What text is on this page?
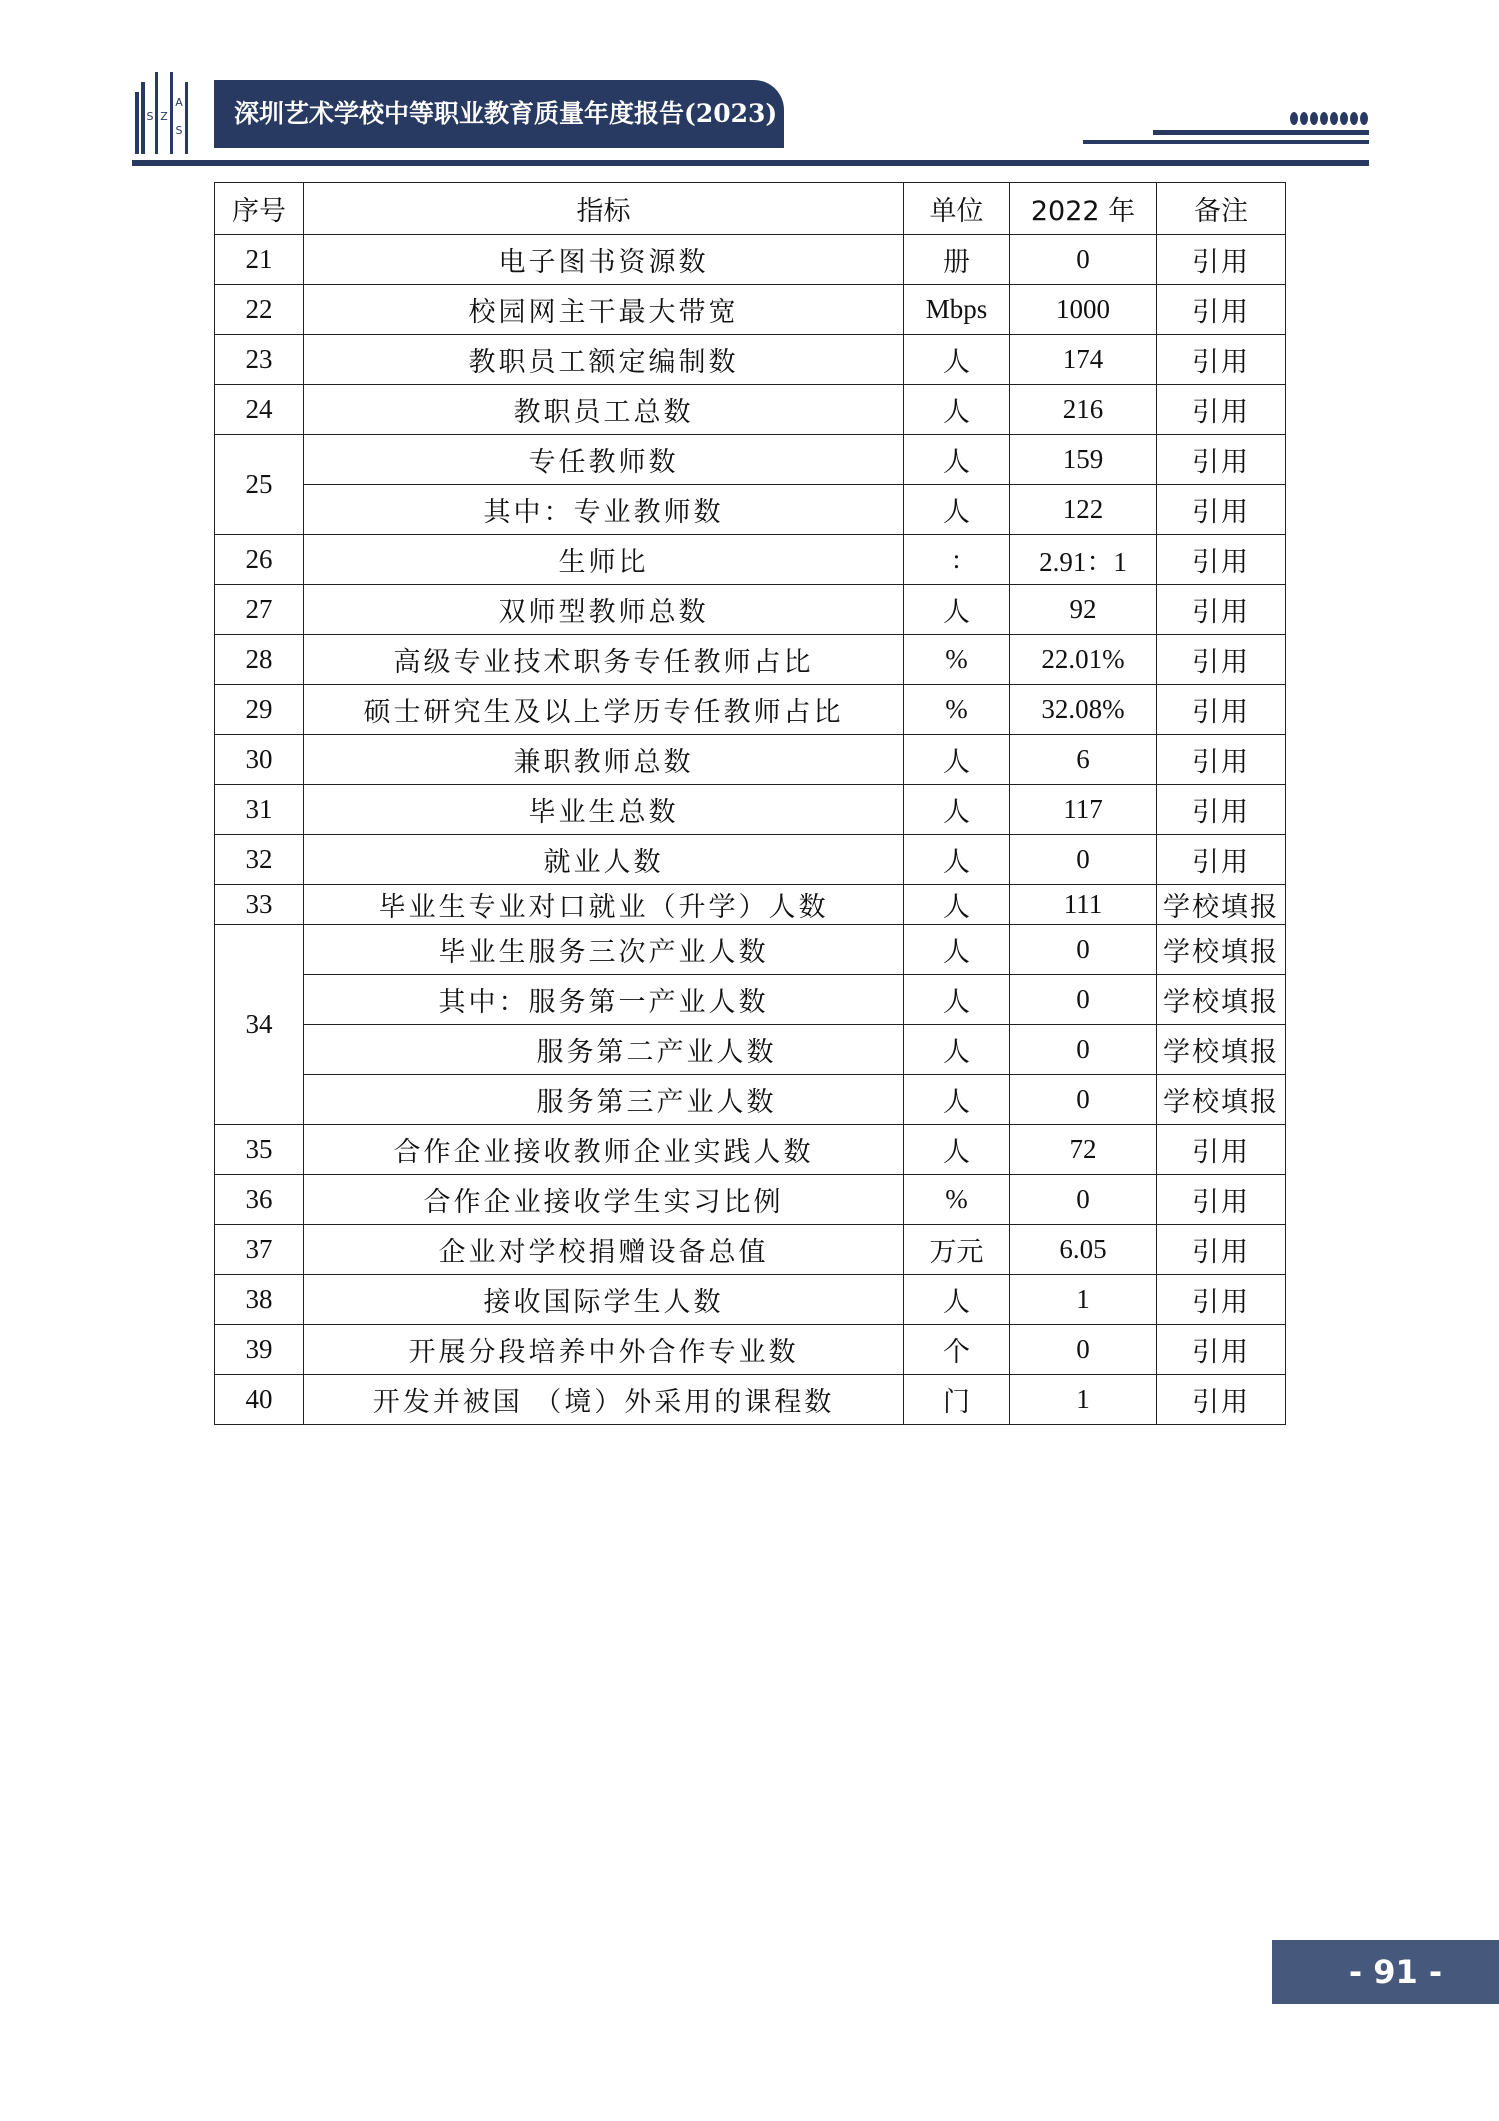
S Z
A
S
深圳艺术学校中等职业教育质量年度报告(2023)
序号	指标	单位	2022 年	备注
21	电子图书资源数	册	0	引用
22	校园网主干最大带宽	Mbps	1000	引用
23	教职员工额定编制数	人	174	引用
24	教职员工总数	人	216	引用
25	专任教师数	人	159	引用
	其中：专业教师数	人	122	引用
26	生师比	:	2.91：1	引用
27	双师型教师总数	人	92	引用
28	高级专业技术职务专任教师占比	%	22.01%	引用
29	硕士研究生及以上学历专任教师占比	%	32.08%	引用
30	兼职教师总数	人	6	引用
31	毕业生总数	人	117	引用
32	就业人数	人	0	引用
33	毕业生专业对口就业（升学）人数	人	111	学校填报
34	毕业生服务三次产业人数	人	0	学校填报
	其中：服务第一产业人数	人	0	学校填报
	服务第二产业人数	人	0	学校填报
	服务第三产业人数	人	0	学校填报
35	合作企业接收教师企业实践人数	人	72	引用
36	合作企业接收学生实习比例	%	0	引用
37	企业对学校捐赠设备总值	万元	6.05	引用
38	接收国际学生人数	人	1	引用
39	开展分段培养中外合作专业数	个	0	引用
40	开发并被国 （境）外采用的课程数	门	1	引用
- 91 -
